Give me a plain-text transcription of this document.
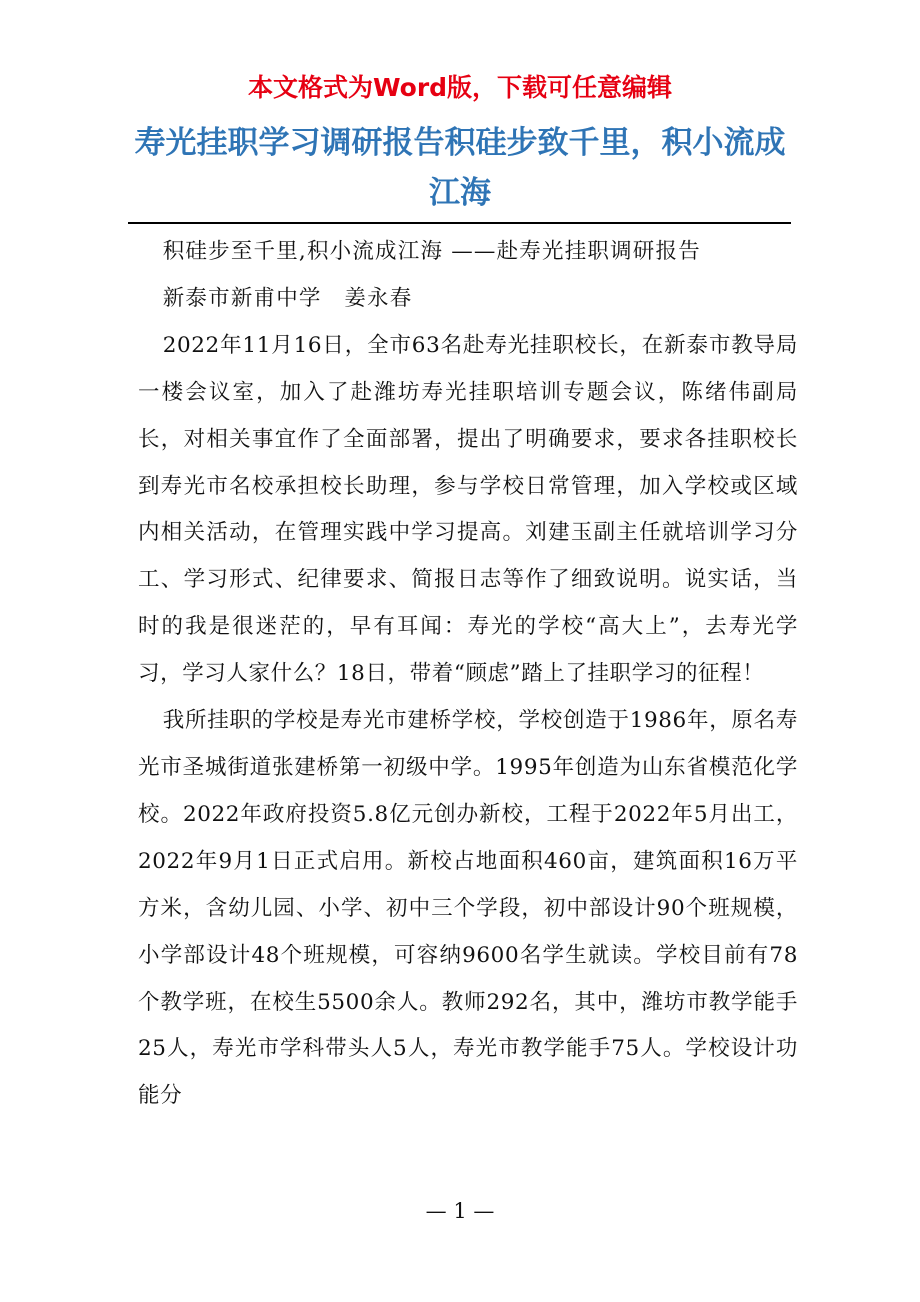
本文格式为Word版，下载可任意编辑
寿光挂职学习调研报告积硅步致千里，积小流成江海

积硅步至千里,积小流成江海 ——赴寿光挂职调研报告

新泰市新甫中学　姜永春

2022年11月16日，全市63名赴寿光挂职校长，在新泰市教导局一楼会议室，加入了赴潍坊寿光挂职培训专题会议，陈绪伟副局长，对相关事宜作了全面部署，提出了明确要求，要求各挂职校长到寿光市名校承担校长助理，参与学校日常管理，加入学校或区域内相关活动，在管理实践中学习提高。刘建玉副主任就培训学习分工、学习形式、纪律要求、简报日志等作了细致说明。说实话，当时的我是很迷茫的，早有耳闻：寿光的学校“高大上”，去寿光学习，学习人家什么？18日，带着“顾虑”踏上了挂职学习的征程！

我所挂职的学校是寿光市建桥学校，学校创造于1986年，原名寿光市圣城街道张建桥第一初级中学。1995年创造为山东省模范化学校。2022年政府投资5.8亿元创办新校，工程于2022年5月出工，2022年9月1日正式启用。新校占地面积460亩，建筑面积16万平方米，含幼儿园、小学、初中三个学段，初中部设计90个班规模，小学部设计48个班规模，可容纳9600名学生就读。学校目前有78个教学班，在校生5500余人。教师292名，其中，潍坊市教学能手25人，寿光市学科带头人5人，寿光市教学能手75人。学校设计功能分

— 1 —
